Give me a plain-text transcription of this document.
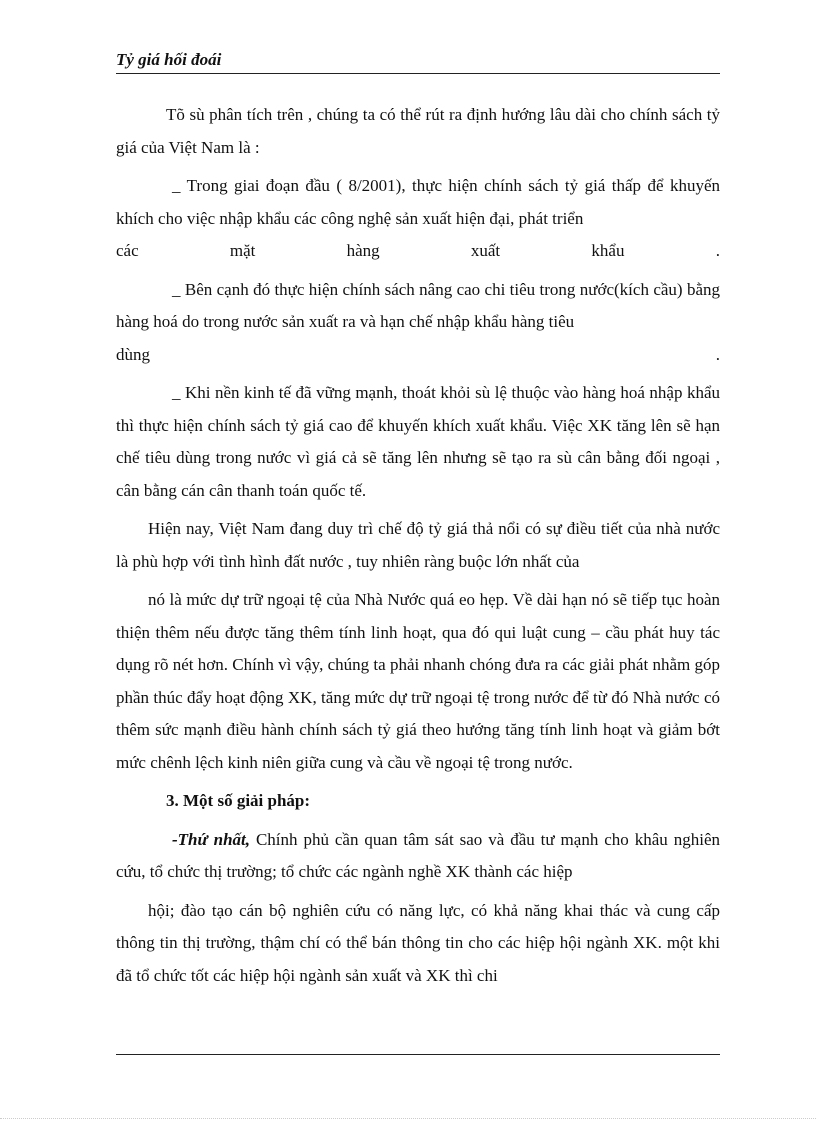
Tỷ giá hối đoái

Tõ sù phân tích trên , chúng ta có thể rút ra định hướng lâu dài cho chính sách tỷ giá của Việt Nam là :

_ Trong giai đoạn đầu ( 8/2001), thực hiện chính sách tỷ giá thấp để khuyến khích cho việc nhập khẩu các công nghệ sản xuất hiện đại, phát triển

các	mặt	hàng	xuất	khẩu	.

_ Bên cạnh đó thực hiện chính sách nâng cao chi tiêu trong nước(kích cầu) bằng hàng hoá do trong nước sản xuất ra và hạn chế nhập khẩu hàng tiêu

dùng	.

_ Khi nền kinh tế đã vững mạnh, thoát khỏi sù lệ thuộc vào hàng hoá nhập khẩu thì thực hiện chính sách tỷ giá cao để khuyến khích xuất khẩu. Việc XK tăng lên sẽ hạn chế tiêu dùng trong nước vì giá cả sẽ tăng lên nhưng sẽ tạo ra sù cân bằng đối ngoại , cân bằng cán cân thanh toán quốc tế.

Hiện nay, Việt Nam đang duy trì chế độ tỷ giá thả nổi có sự điều tiết của nhà nước là phù hợp với tình hình đất nước , tuy nhiên ràng buộc lớn nhất của

nó là mức dự trữ ngoại tệ của Nhà Nước quá eo hẹp. Về dài hạn nó sẽ tiếp tục hoàn thiện thêm nếu được tăng thêm tính linh hoạt, qua đó qui luật cung – cầu phát huy tác dụng rõ nét hơn. Chính vì vậy, chúng ta phải nhanh chóng đưa ra các giải phát nhằm góp phần thúc đẩy hoạt động XK, tăng mức dự trữ ngoại tệ trong nước để từ đó Nhà nước có thêm sức mạnh điều hành chính sách tỷ giá theo hướng tăng tính linh hoạt và giảm bớt mức chênh lệch kinh niên giữa cung và cầu về ngoại tệ trong nước.

3. Một số giải pháp:

-Thứ nhất, Chính phủ cần quan tâm sát sao và đầu tư mạnh cho khâu nghiên cứu, tổ chức thị trường; tổ chức các ngành nghề XK thành các hiệp

hội; đào tạo cán bộ nghiên cứu có năng lực, có khả năng khai thác và cung cấp thông tin thị trường, thậm chí có thể bán thông tin cho các hiệp hội ngành XK. một khi đã tổ chức tốt các hiệp hội ngành sản xuất và XK thì chi
